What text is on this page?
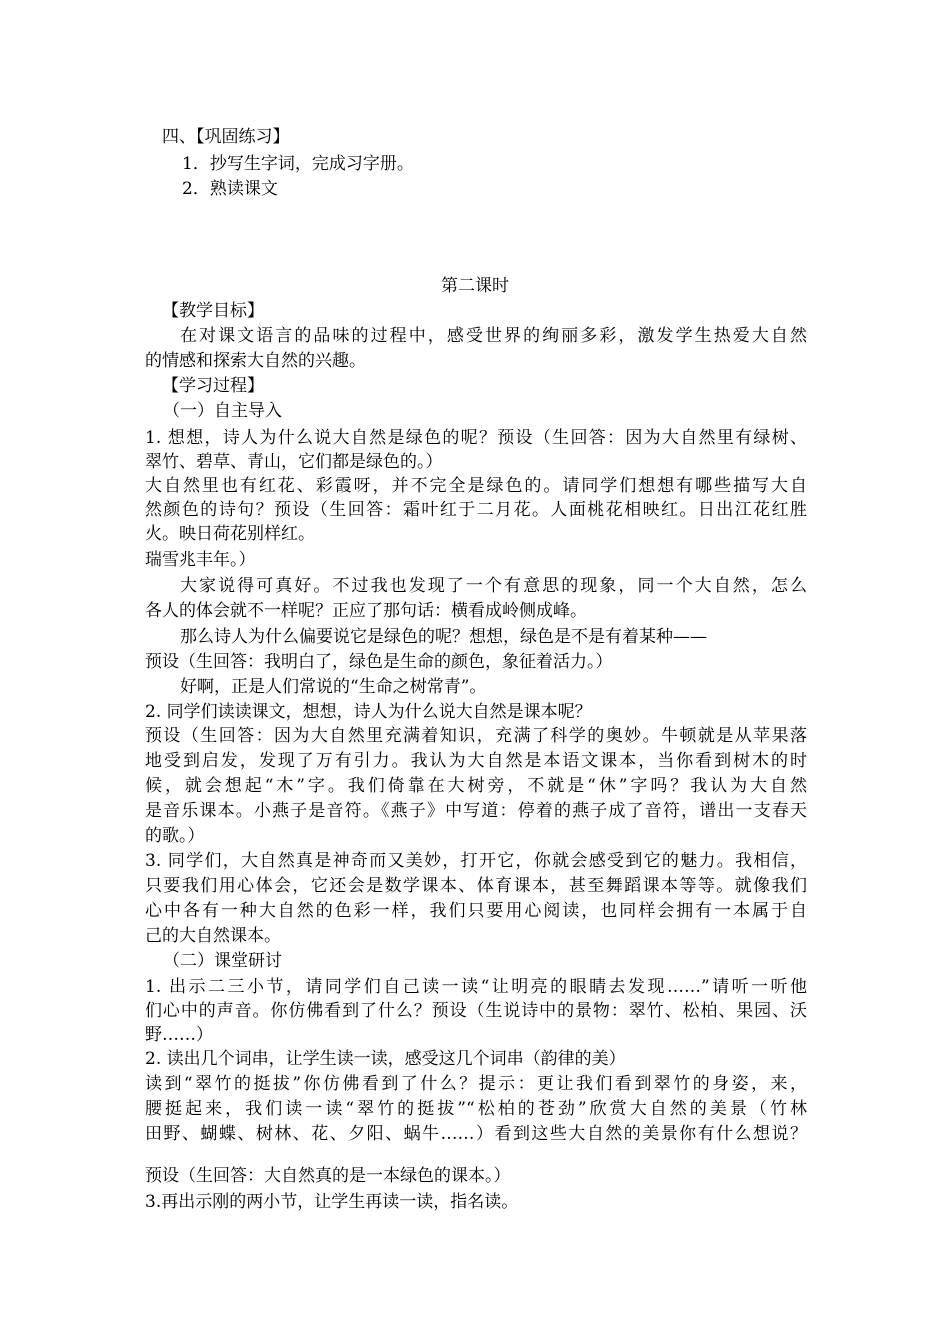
四、【巩固练习】
1．抄写生字词，完成习字册。
2．熟读课文
第二课时
【教学目标】
在对课文语言的品味的过程中，感受世界的绚丽多彩，激发学生热爱大自然
的情感和探索大自然的兴趣。
【学习过程】
（一）自主导入
1. 想想，诗人为什么说大自然是绿色的呢？预设（生回答：因为大自然里有绿树、
翠竹、碧草、青山，它们都是绿色的。）
大自然里也有红花、彩霞呀，并不完全是绿色的。请同学们想想有哪些描写大自
然颜色的诗句？预设（生回答：霜叶红于二月花。人面桃花相映红。日出江花红胜
火。映日荷花别样红。
瑞雪兆丰年。）
大家说得可真好。不过我也发现了一个有意思的现象，同一个大自然，怎么
各人的体会就不一样呢？正应了那句话：横看成岭侧成峰。
那么诗人为什么偏要说它是绿色的呢？想想，绿色是不是有着某种——
预设（生回答：我明白了，绿色是生命的颜色，象征着活力。）
好啊，正是人们常说的“生命之树常青”。
2. 同学们读读课文，想想，诗人为什么说大自然是课本呢？
预设（生回答：因为大自然里充满着知识，充满了科学的奥妙。牛顿就是从苹果落
地受到启发，发现了万有引力。我认为大自然是本语文课本，当你看到树木的时
候，就会想起“木”字。我们倚靠在大树旁，不就是“休”字吗？我认为大自然
是音乐课本。小燕子是音符。《燕子》中写道：停着的燕子成了音符，谱出一支春天
的歌。）
3. 同学们，大自然真是神奇而又美妙，打开它，你就会感受到它的魅力。我相信，
只要我们用心体会，它还会是数学课本、体育课本，甚至舞蹈课本等等。就像我们
心中各有一种大自然的色彩一样，我们只要用心阅读，也同样会拥有一本属于自
己的大自然课本。
（二）课堂研讨
1. 出示二三小节，请同学们自己读一读“让明亮的眼睛去发现……”请听一听他
们心中的声音。你仿佛看到了什么？预设（生说诗中的景物：翠竹、松柏、果园、沃
野……）
2. 读出几个词串，让学生读一读，感受这几个词串（韵律的美）
读到“翠竹的挺拔”你仿佛看到了什么？提示：更让我们看到翠竹的身姿，来，
腰挺起来，我们读一读“翠竹的挺拔”“松柏的苍劲”欣赏大自然的美景（竹林
田野、蝴蝶、树林、花、夕阳、蜗牛……）看到这些大自然的美景你有什么想说？
预设（生回答：大自然真的是一本绿色的课本。）
3.再出示刚的两小节，让学生再读一读，指名读。
